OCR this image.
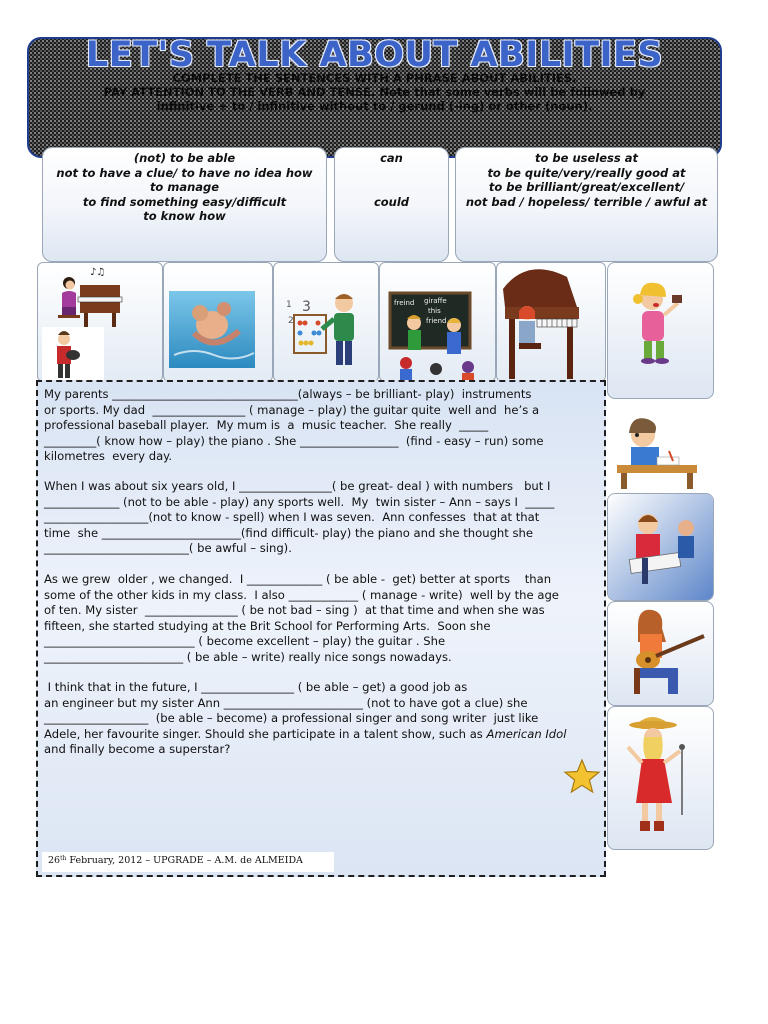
LET'S TALK ABOUT ABILITIES
COMPLETE THE SENTENCES WITH A PHRASE ABOUT ABILITIES.
PAY ATTENTION TO THE VERB AND TENSE. Note that some verbs will be followed by
infinitive + to / infinitive without to / gerund (-ing) or other (noun).
(not) to be able
not to have a clue/ to have no idea how
to manage
to find something easy/difficult
to know how
can
could
to be useless at
to be quite/very/really good at
to be brilliant/great/excellent/
not bad / hopeless/ terrible / awful at
♪♫
1 3
2
freind giraffe
this
friend
My parents ________________________________(always – be brilliant- play)  instruments
or sports. My dad  ________________ ( manage – play) the guitar quite  well and  he’s a
professional baseball player.  My mum is  a  music teacher.  She really  _____
_________( know how – play) the piano . She _________________  (find - easy – run) some
kilometres  every day.
When I was about six years old, I ________________( be great- deal ) with numbers   but I
_____________ (not to be able - play) any sports well.  My  twin sister – Ann – says I  _____
__________________(not to know - spell) when I was seven.  Ann confesses  that at that
time  she ________________________(find difficult- play) the piano and she thought she
_________________________( be awful – sing).
As we grew  older , we changed.  I _____________ ( be able -  get) better at sports    than
some of the other kids in my class.  I also ____________ ( manage - write)  well by the age
of ten. My sister  ________________ ( be not bad – sing )  at that time and when she was
fifteen, she started studying at the Brit School for Performing Arts.  Soon she
__________________________ ( become excellent – play) the guitar . She
________________________ ( be able – write) really nice songs nowadays.
I think that in the future, I ________________ ( be able – get) a good job as
an engineer but my sister Ann ________________________ (not to have got a clue) she
__________________  (be able – become) a professional singer and song writer  just like
Adele, her favourite singer. Should she participate in a talent show, such as American Idol
and finally become a superstar?
26th February, 2012 – UPGRADE – A.M. de ALMEIDA
